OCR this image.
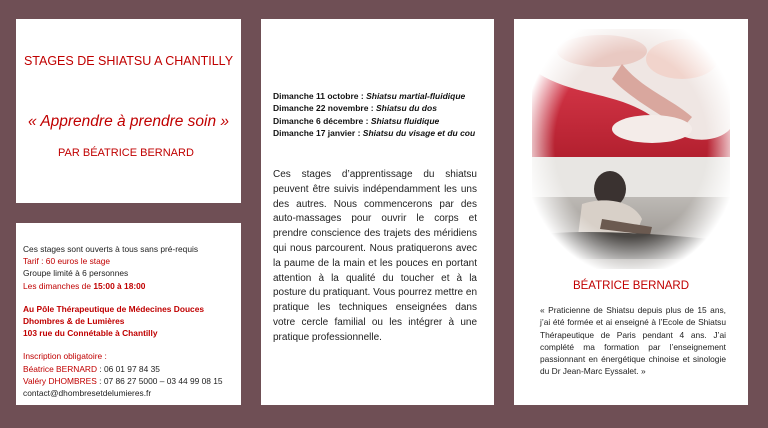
STAGES DE SHIATSU A CHANTILLY
« Apprendre à prendre soin »
PAR BÉATRICE BERNARD
Ces stages sont ouverts à tous sans pré-requis
Tarif : 60 euros le stage
Groupe limité à 6 personnes
Les dimanches de 15:00 à 18:00
Au Pôle Thérapeutique de Médecines Douces
Dhombres & de Lumières
103 rue du Connétable à Chantilly
Inscription obligatoire :
Béatrice BERNARD : 06 01 97 84 35
Valéry DHOMBRES : 07 86 27 5000 – 03 44 99 08 15
contact@dhombresetdelumieres.fr
Dimanche 11 octobre : Shiatsu martial-fluidique
Dimanche 22 novembre : Shiatsu du dos
Dimanche 6 décembre : Shiatsu fluidique
Dimanche 17 janvier : Shiatsu du visage et du cou
Ces stages d’apprentissage du shiatsu peuvent être suivis indépendamment les uns des autres. Nous commencerons par des auto-massages pour ouvrir le corps et prendre conscience des trajets des méridiens qui nous parcourent. Nous pratiquerons avec la paume de la main et les pouces en portant attention à la qualité du toucher et à la posture du pratiquant. Vous pourrez mettre en pratique les techniques enseignées dans votre cercle familial ou les intégrer à une pratique professionnelle.
BÉATRICE BERNARD
« Praticienne de Shiatsu depuis plus de 15 ans, j’ai été formée et ai enseigné à l’Ecole de Shiatsu Thérapeutique de Paris pendant 4 ans. J’ai complété ma formation par l’enseignement passionnant en énergétique chinoise et sinologie du Dr Jean-Marc Eyssalet. »
